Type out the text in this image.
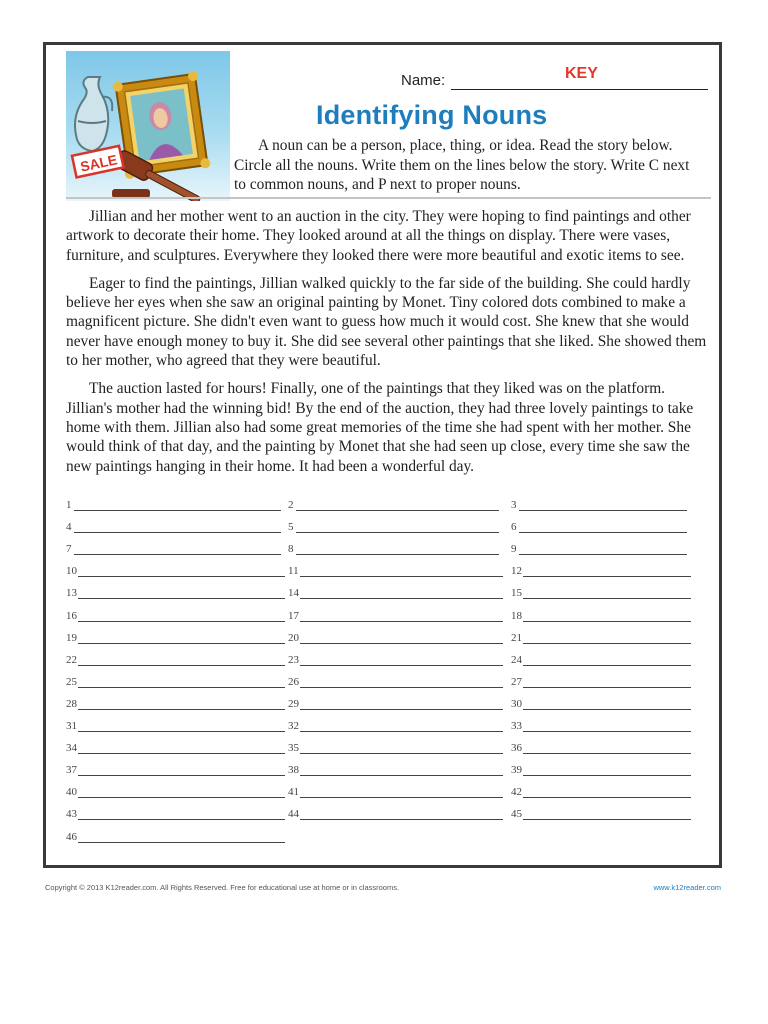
SALE
Name:	KEY
Identifying Nouns

A noun can be a person, place, thing, or idea. Read the story below. Circle all the nouns. Write them on the lines below the story. Write C next to common nouns, and P next to proper nouns.

Jillian and her mother went to an auction in the city. They were hoping to find paintings and other artwork to decorate their home. They looked around at all the things on display. There were vases, furniture, and sculptures. Everywhere they looked there were more beautiful and exotic items to see.

Eager to find the paintings, Jillian walked quickly to the far side of the building. She could hardly believe her eyes when she saw an original painting by Monet. Tiny colored dots combined to make a magnificent picture. She didn't even want to guess how much it would cost. She knew that she would never have enough money to buy it. She did see several other paintings that she liked. She showed them to her mother, who agreed that they were beautiful.

The auction lasted for hours! Finally, one of the paintings that they liked was on the platform. Jillian's mother had the winning bid! By the end of the auction, they had three lovely paintings to take home with them. Jillian also had some great memories of the time she had spent with her mother. She would think of that day, and the painting by Monet that she had seen up close, every time she saw the new paintings hanging in their home. It had been a wonderful day.

1	2	3
4	5	6
7	8	9
10	11	12
13	14	15
16	17	18
19	20	21
22	23	24
25	26	27
28	29	30
31	32	33
34	35	36
37	38	39
40	41	42
43	44	45
46
Copyright © 2013 K12reader.com. All Rights Reserved. Free for educational use at home or in classrooms.	www.k12reader.com
